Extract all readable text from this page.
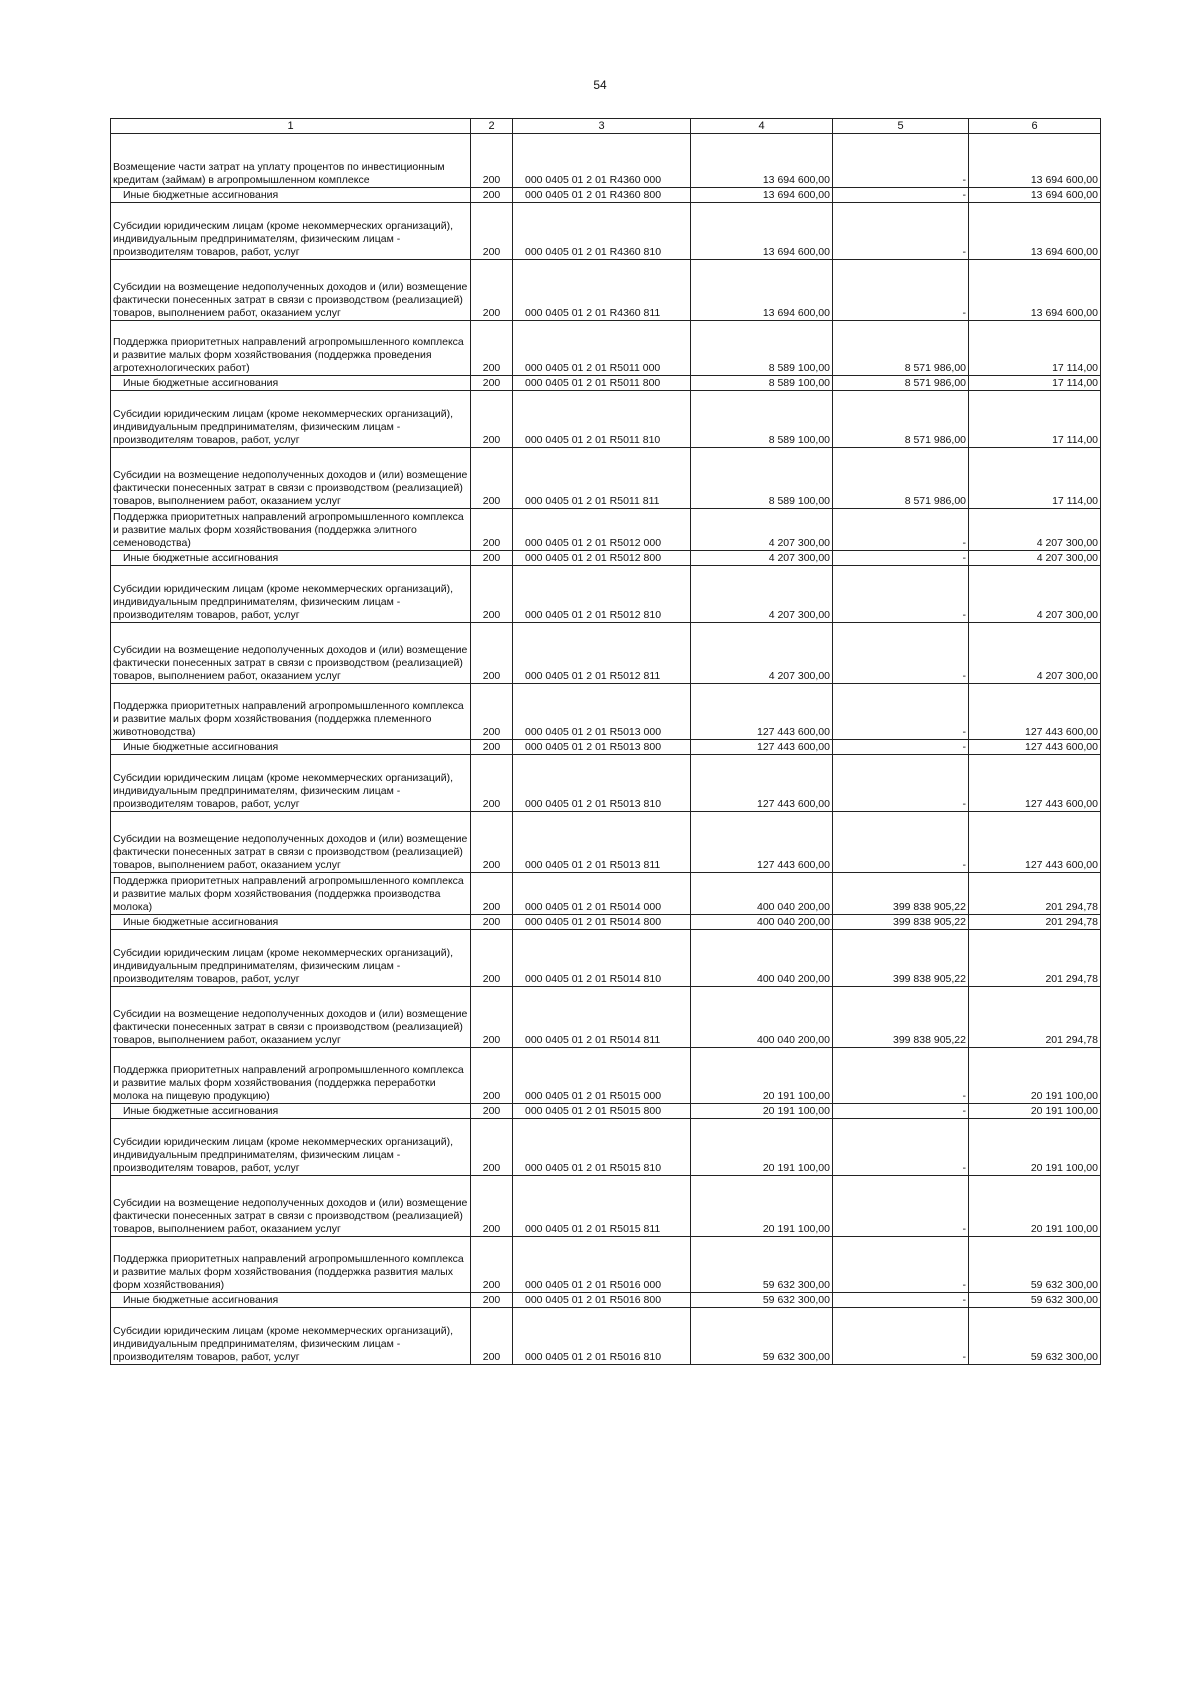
54
1	2	3	4	5	6
Возмещение части затрат на уплату процентов по инвестиционным кредитам (займам) в агропромышленном комплексе	200	000 0405 01 2 01 R4360 000	13 694 600,00	-	13 694 600,00
Иные бюджетные ассигнования	200	000 0405 01 2 01 R4360 800	13 694 600,00	-	13 694 600,00
Субсидии юридическим лицам (кроме некоммерческих организаций), индивидуальным предпринимателям, физическим лицам - производителям товаров, работ, услуг	200	000 0405 01 2 01 R4360 810	13 694 600,00	-	13 694 600,00
Субсидии на возмещение недополученных доходов и (или) возмещение фактически понесенных затрат в связи с производством (реализацией) товаров, выполнением работ, оказанием услуг	200	000 0405 01 2 01 R4360 811	13 694 600,00	-	13 694 600,00
Поддержка приоритетных направлений агропромышленного комплекса и развитие малых форм хозяйствования (поддержка проведения агротехнологических работ)	200	000 0405 01 2 01 R5011 000	8 589 100,00	8 571 986,00	17 114,00
Иные бюджетные ассигнования	200	000 0405 01 2 01 R5011 800	8 589 100,00	8 571 986,00	17 114,00
Субсидии юридическим лицам (кроме некоммерческих организаций), индивидуальным предпринимателям, физическим лицам - производителям товаров, работ, услуг	200	000 0405 01 2 01 R5011 810	8 589 100,00	8 571 986,00	17 114,00
Субсидии на возмещение недополученных доходов и (или) возмещение фактически понесенных затрат в связи с производством (реализацией) товаров, выполнением работ, оказанием услуг	200	000 0405 01 2 01 R5011 811	8 589 100,00	8 571 986,00	17 114,00
Поддержка приоритетных направлений агропромышленного комплекса и развитие малых форм хозяйствования (поддержка элитного семеноводства)	200	000 0405 01 2 01 R5012 000	4 207 300,00	-	4 207 300,00
Иные бюджетные ассигнования	200	000 0405 01 2 01 R5012 800	4 207 300,00	-	4 207 300,00
Субсидии юридическим лицам (кроме некоммерческих организаций), индивидуальным предпринимателям, физическим лицам - производителям товаров, работ, услуг	200	000 0405 01 2 01 R5012 810	4 207 300,00	-	4 207 300,00
Субсидии на возмещение недополученных доходов и (или) возмещение фактически понесенных затрат в связи с производством (реализацией) товаров, выполнением работ, оказанием услуг	200	000 0405 01 2 01 R5012 811	4 207 300,00	-	4 207 300,00
Поддержка приоритетных направлений агропромышленного комплекса и развитие малых форм хозяйствования (поддержка племенного животноводства)	200	000 0405 01 2 01 R5013 000	127 443 600,00	-	127 443 600,00
Иные бюджетные ассигнования	200	000 0405 01 2 01 R5013 800	127 443 600,00	-	127 443 600,00
Субсидии юридическим лицам (кроме некоммерческих организаций), индивидуальным предпринимателям, физическим лицам - производителям товаров, работ, услуг	200	000 0405 01 2 01 R5013 810	127 443 600,00	-	127 443 600,00
Субсидии на возмещение недополученных доходов и (или) возмещение фактически понесенных затрат в связи с производством (реализацией) товаров, выполнением работ, оказанием услуг	200	000 0405 01 2 01 R5013 811	127 443 600,00	-	127 443 600,00
Поддержка приоритетных направлений агропромышленного комплекса и развитие малых форм хозяйствования (поддержка производства молока)	200	000 0405 01 2 01 R5014 000	400 040 200,00	399 838 905,22	201 294,78
Иные бюджетные ассигнования	200	000 0405 01 2 01 R5014 800	400 040 200,00	399 838 905,22	201 294,78
Субсидии юридическим лицам (кроме некоммерческих организаций), индивидуальным предпринимателям, физическим лицам - производителям товаров, работ, услуг	200	000 0405 01 2 01 R5014 810	400 040 200,00	399 838 905,22	201 294,78
Субсидии на возмещение недополученных доходов и (или) возмещение фактически понесенных затрат в связи с производством (реализацией) товаров, выполнением работ, оказанием услуг	200	000 0405 01 2 01 R5014 811	400 040 200,00	399 838 905,22	201 294,78
Поддержка приоритетных направлений агропромышленного комплекса и развитие малых форм хозяйствования (поддержка переработки молока на пищевую продукцию)	200	000 0405 01 2 01 R5015 000	20 191 100,00	-	20 191 100,00
Иные бюджетные ассигнования	200	000 0405 01 2 01 R5015 800	20 191 100,00	-	20 191 100,00
Субсидии юридическим лицам (кроме некоммерческих организаций), индивидуальным предпринимателям, физическим лицам - производителям товаров, работ, услуг	200	000 0405 01 2 01 R5015 810	20 191 100,00	-	20 191 100,00
Субсидии на возмещение недополученных доходов и (или) возмещение фактически понесенных затрат в связи с производством (реализацией) товаров, выполнением работ, оказанием услуг	200	000 0405 01 2 01 R5015 811	20 191 100,00	-	20 191 100,00
Поддержка приоритетных направлений агропромышленного комплекса и развитие малых форм хозяйствования (поддержка развития малых форм хозяйствования)	200	000 0405 01 2 01 R5016 000	59 632 300,00	-	59 632 300,00
Иные бюджетные ассигнования	200	000 0405 01 2 01 R5016 800	59 632 300,00	-	59 632 300,00
Субсидии юридическим лицам (кроме некоммерческих организаций), индивидуальным предпринимателям, физическим лицам - производителям товаров, работ, услуг	200	000 0405 01 2 01 R5016 810	59 632 300,00	-	59 632 300,00
